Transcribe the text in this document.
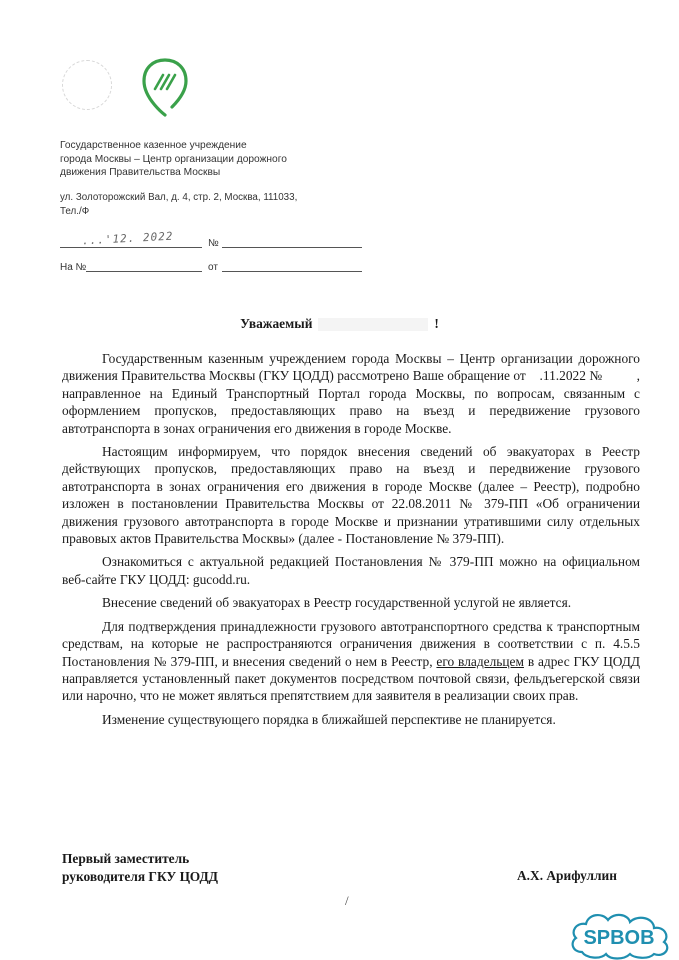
Государственное казенное учреждение
города Москвы – Центр организации дорожного
движения Правительства Москвы
ул. Золоторожский Вал, д. 4, стр. 2, Москва, 111033,
Тел./Ф
...'12. 2022	№
На №	от
Уважаемый	!

Государственным казенным учреждением города Москвы – Центр организации дорожного движения Правительства Москвы (ГКУ ЦОДД) рассмотрено Ваше обращение от .11.2022 №	, направленное на Единый Транспортный Портал города Москвы, по вопросам, связанным с оформлением пропусков, предоставляющих право на въезд и передвижение грузового автотранспорта в зонах ограничения его движения в городе Москве.

Настоящим информируем, что порядок внесения сведений об эвакуаторах в Реестр действующих пропусков, предоставляющих право на въезд и передвижение грузового автотранспорта в зонах ограничения его движения в городе Москве (далее – Реестр), подробно изложен в постановлении Правительства Москвы от 22.08.2011 № 379-ПП «Об ограничении движения грузового автотранспорта в городе Москве и признании утратившими силу отдельных правовых актов Правительства Москвы» (далее - Постановление № 379-ПП).

Ознакомиться с актуальной редакцией Постановления № 379-ПП можно на официальном веб-сайте ГКУ ЦОДД: gucodd.ru.

Внесение сведений об эвакуаторах в Реестр государственной услугой не является.

Для подтверждения принадлежности грузового автотранспортного средства к транспортным средствам, на которые не распространяются ограничения движения в соответствии с п. 4.5.5 Постановления № 379-ПП, и внесения сведений о нем в Реестр, его владельцем в адрес ГКУ ЦОДД направляется установленный пакет документов посредством почтовой связи, фельдъегерской связи или нарочно, что не может являться препятствием для заявителя в реализации своих прав.

Изменение существующего порядка в ближайшей перспективе не планируется.

Первый заместитель
руководителя ГКУ ЦОДД	А.Х. Арифуллин
/
SPBOB
